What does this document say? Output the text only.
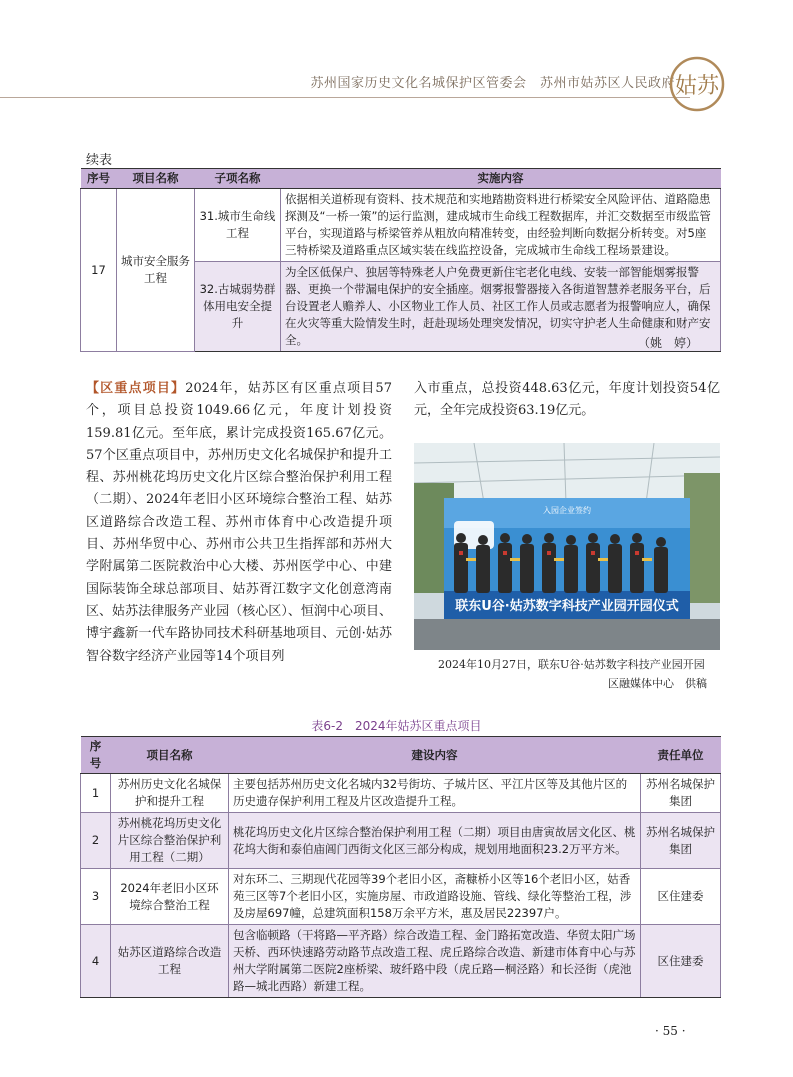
苏州国家历史文化名城保护区管委会　苏州市姑苏区人民政府 姑苏
续表
序号	项目名称	子项名称	实施内容
17	城市安全服务工程	31.城市生命线工程	依据相关道桥现有资料、技术规范和实地踏勘资料进行桥梁安全风险评估、道路隐患探测及“一桥一策”的运行监测，建成城市生命线工程数据库，并汇交数据至市级监管平台，实现道路与桥梁管养从粗放向精准转变，由经验判断向数据分析转变。对5座三特桥梁及道路重点区域实装在线监控设备，完成城市生命线工程场景建设。
		32.古城弱势群体用电安全提升	为全区低保户、独居等特殊老人户免费更新住宅老化电线、安装一部智能烟雾报警器、更换一个带漏电保护的安全插座。烟雾报警器接入各街道智慧养老服务平台，后台设置老人赡养人、小区物业工作人员、社区工作人员或志愿者为报警响应人，确保在火灾等重大险情发生时，赶赴现场处理突发情况，切实守护老人生命健康和财产安全。	（姚　婷）
【区重点项目】2024年，姑苏区有区重点项目57个，项目总投资1049.66亿元，年度计划投资159.81亿元。至年底，累计完成投资165.67亿元。57个区重点项目中，苏州历史文化名城保护和提升工程、苏州桃花坞历史文化片区综合整治保护利用工程（二期）、2024年老旧小区环境综合整治工程、姑苏区道路综合改造工程、苏州市体育中心改造提升项目、苏州华贸中心、苏州市公共卫生指挥部和苏州大学附属第二医院救治中心大楼、苏州医学中心、中建国际装饰全球总部项目、姑苏胥江数字文化创意湾南区、姑苏法律服务产业园（核心区）、恒润中心项目、博宇鑫新一代车路协同技术科研基地项目、元创·姑苏智谷数字经济产业园等14个项目列
入市重点，总投资448.63亿元，年度计划投资54亿元，全年完成投资63.19亿元。
入园企业签约
联东U谷·姑苏数字科技产业园开园仪式
2024年10月27日，联东U谷·姑苏数字科技产业园开园
区融媒体中心　供稿
表6-2　2024年姑苏区重点项目
序号	项目名称	建设内容	责任单位
1	苏州历史文化名城保护和提升工程	主要包括苏州历史文化名城内32号街坊、子城片区、平江片区等及其他片区的历史遗存保护利用工程及片区改造提升工程。	苏州名城保护集团
2	苏州桃花坞历史文化片区综合整治保护利用工程（二期）	桃花坞历史文化片区综合整治保护利用工程（二期）项目由唐寅故居文化区、桃花坞大街和泰伯庙阊门西街文化区三部分构成，规划用地面积23.2万平方米。	苏州名城保护集团
3	2024年老旧小区环境综合整治工程	对东环二、三期现代花园等39个老旧小区，斋糠桥小区等16个老旧小区，姑香苑三区等7个老旧小区，实施房屋、市政道路设施、管线、绿化等整治工程，涉及房屋697幢，总建筑面积158万余平方米，惠及居民22397户。	区住建委
4	姑苏区道路综合改造工程	包含临顿路（干将路—平齐路）综合改造工程、金门路拓宽改造、华贸太阳广场天桥、西环快速路劳动路节点改造工程、虎丘路综合改造、新建市体育中心与苏州大学附属第二医院2座桥梁、玻纤路中段（虎丘路—桐泾路）和长泾街（虎池路—城北西路）新建工程。	区住建委
· 55 ·
